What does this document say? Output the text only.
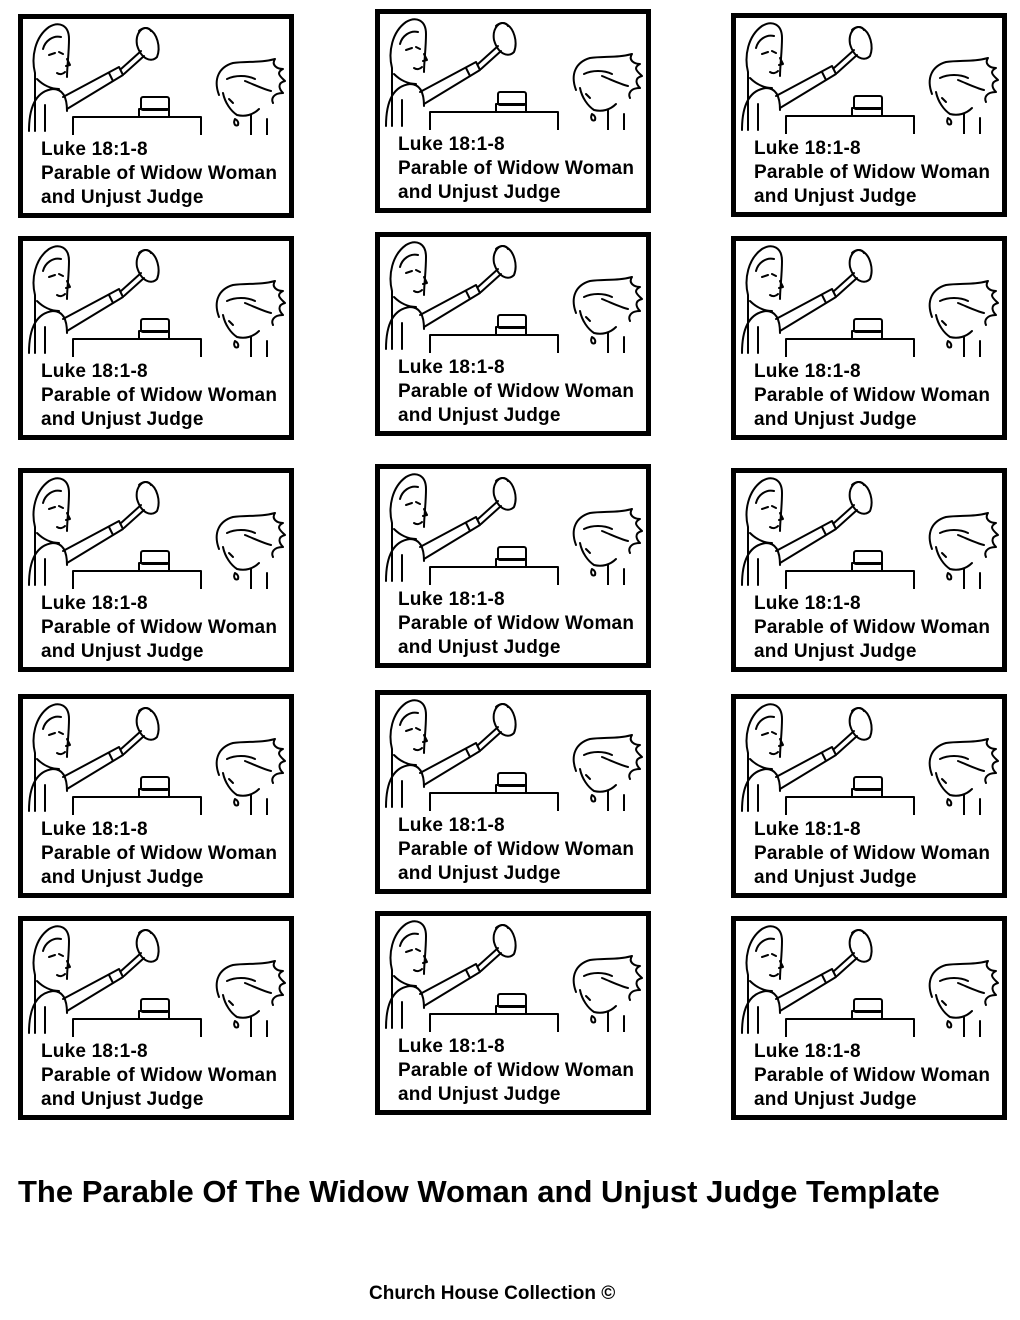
Luke 18:1-8
Parable of Widow Woman
and Unjust Judge
Luke 18:1-8
Parable of Widow Woman
and Unjust Judge
Luke 18:1-8
Parable of Widow Woman
and Unjust Judge
Luke 18:1-8
Parable of Widow Woman
and Unjust Judge
Luke 18:1-8
Parable of Widow Woman
and Unjust Judge
Luke 18:1-8
Parable of Widow Woman
and Unjust Judge
Luke 18:1-8
Parable of Widow Woman
and Unjust Judge
Luke 18:1-8
Parable of Widow Woman
and Unjust Judge
Luke 18:1-8
Parable of Widow Woman
and Unjust Judge
Luke 18:1-8
Parable of Widow Woman
and Unjust Judge
Luke 18:1-8
Parable of Widow Woman
and Unjust Judge
Luke 18:1-8
Parable of Widow Woman
and Unjust Judge
Luke 18:1-8
Parable of Widow Woman
and Unjust Judge
Luke 18:1-8
Parable of Widow Woman
and Unjust Judge
Luke 18:1-8
Parable of Widow Woman
and Unjust Judge
The Parable Of The Widow Woman and Unjust Judge Template
Church House Collection ©
